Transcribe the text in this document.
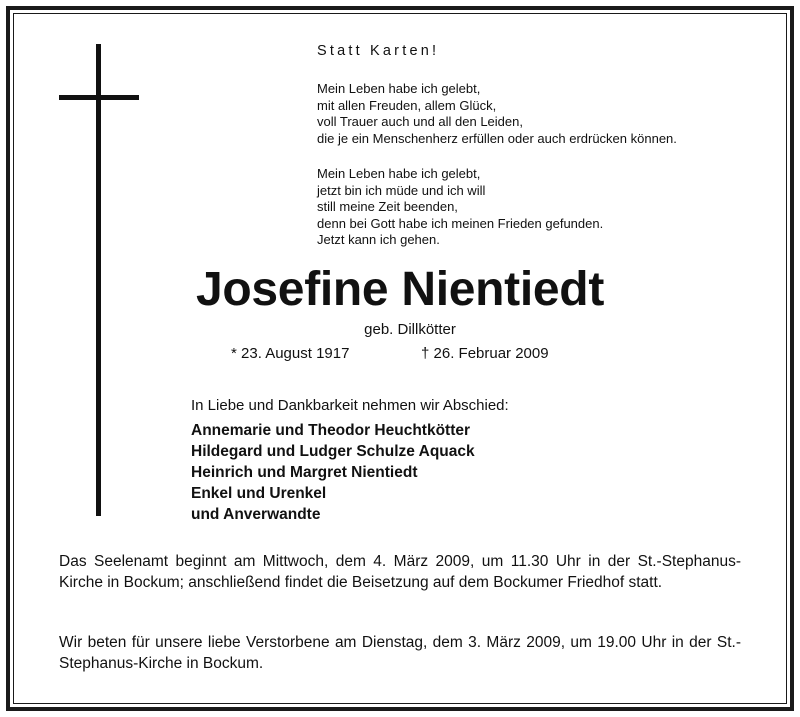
Statt Karten!
Mein Leben habe ich gelebt,
mit allen Freuden, allem Glück,
voll Trauer auch und all den Leiden,
die je ein Menschenherz erfüllen oder auch erdrücken können.
Mein Leben habe ich gelebt,
jetzt bin ich müde und ich will
still meine Zeit beenden,
denn bei Gott habe ich meinen Frieden gefunden.
Jetzt kann ich gehen.
Josefine Nientiedt
geb. Dillkötter
* 23. August 1917	† 26. Februar 2009
In Liebe und Dankbarkeit nehmen wir Abschied:
Annemarie und Theodor Heuchtkötter
Hildegard und Ludger Schulze Aquack
Heinrich und Margret Nientiedt
Enkel und Urenkel
und Anverwandte
Das Seelenamt beginnt am Mittwoch, dem 4. März 2009, um 11.30 Uhr in der St.-Stephanus-Kirche in Bockum; anschließend findet die Beisetzung auf dem Bockumer Friedhof statt.
Wir beten für unsere liebe Verstorbene am Dienstag, dem 3. März 2009, um 19.00 Uhr in der St.-Stephanus-Kirche in Bockum.
